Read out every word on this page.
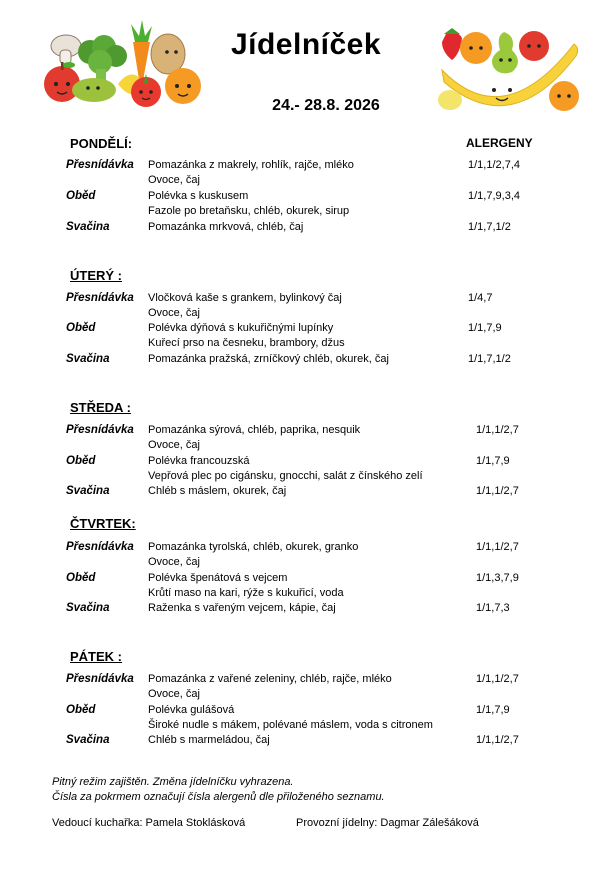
Jídelníček
24.- 28.8. 2026
ALERGENY
PONDĚLÍ:
Přesnídávka Pomazánka z makrely, rohlík, rajče, mléko
Ovoce, čaj
1/1,1/2,7,4
Oběd	Polévka s kuskusem
Fazole po bretaňsku, chléb, okurek, sirup
1/1,7,9,3,4
Svačina	Pomazánka mrkvová, chléb, čaj	1/1,7,1/2
ÚTERÝ :
Přesnídávka Vločková kaše s grankem, bylinkový čaj
Ovoce, čaj
1/4,7
Oběd	Polévka dýňová s kukuřičnými lupínky
Kuřecí prso na česneku, brambory, džus
1/1,7,9
Svačina	Pomazánka pražská, zrníčkový chléb, okurek, čaj	1/1,7,1/2
STŘEDA :
Přesnídávka Pomazánka sýrová, chléb, paprika, nesquik
Ovoce, čaj
1/1,1/2,7
Oběd	Polévka francouzská
Vepřová plec po cigánsku, gnocchi, salát z čínského zelí
1/1,7,9
Svačina	Chléb s máslem, okurek, čaj	1/1,1/2,7
ČTVRTEK:
Přesnídávka Pomazánka tyrolská, chléb, okurek, granko
Ovoce, čaj
1/1,1/2,7
Oběd	Polévka špenátová s vejcem
Krůtí maso na kari, rýže s kukuřicí, voda
1/1,3,7,9
Svačina	Raženka s vařeným vejcem, kápie, čaj	1/1,7,3
PÁTEK :
Přesnídávka Pomazánka z vařené zeleniny, chléb, rajče, mléko
Ovoce, čaj
1/1,1/2,7
Oběd	Polévka gulášová
Široké nudle s mákem, polévané máslem, voda s citronem
1/1,7,9
Svačina	Chléb s marmeládou, čaj	1/1,1/2,7
Pitný režim zajištěn. Změna jídelníčku vyhrazena.
Čísla za pokrmem označují čísla alergenů dle přiloženého seznamu.
Vedoucí kuchařka: Pamela Stoklásková	Provozní jídelny: Dagmar Zálešáková
